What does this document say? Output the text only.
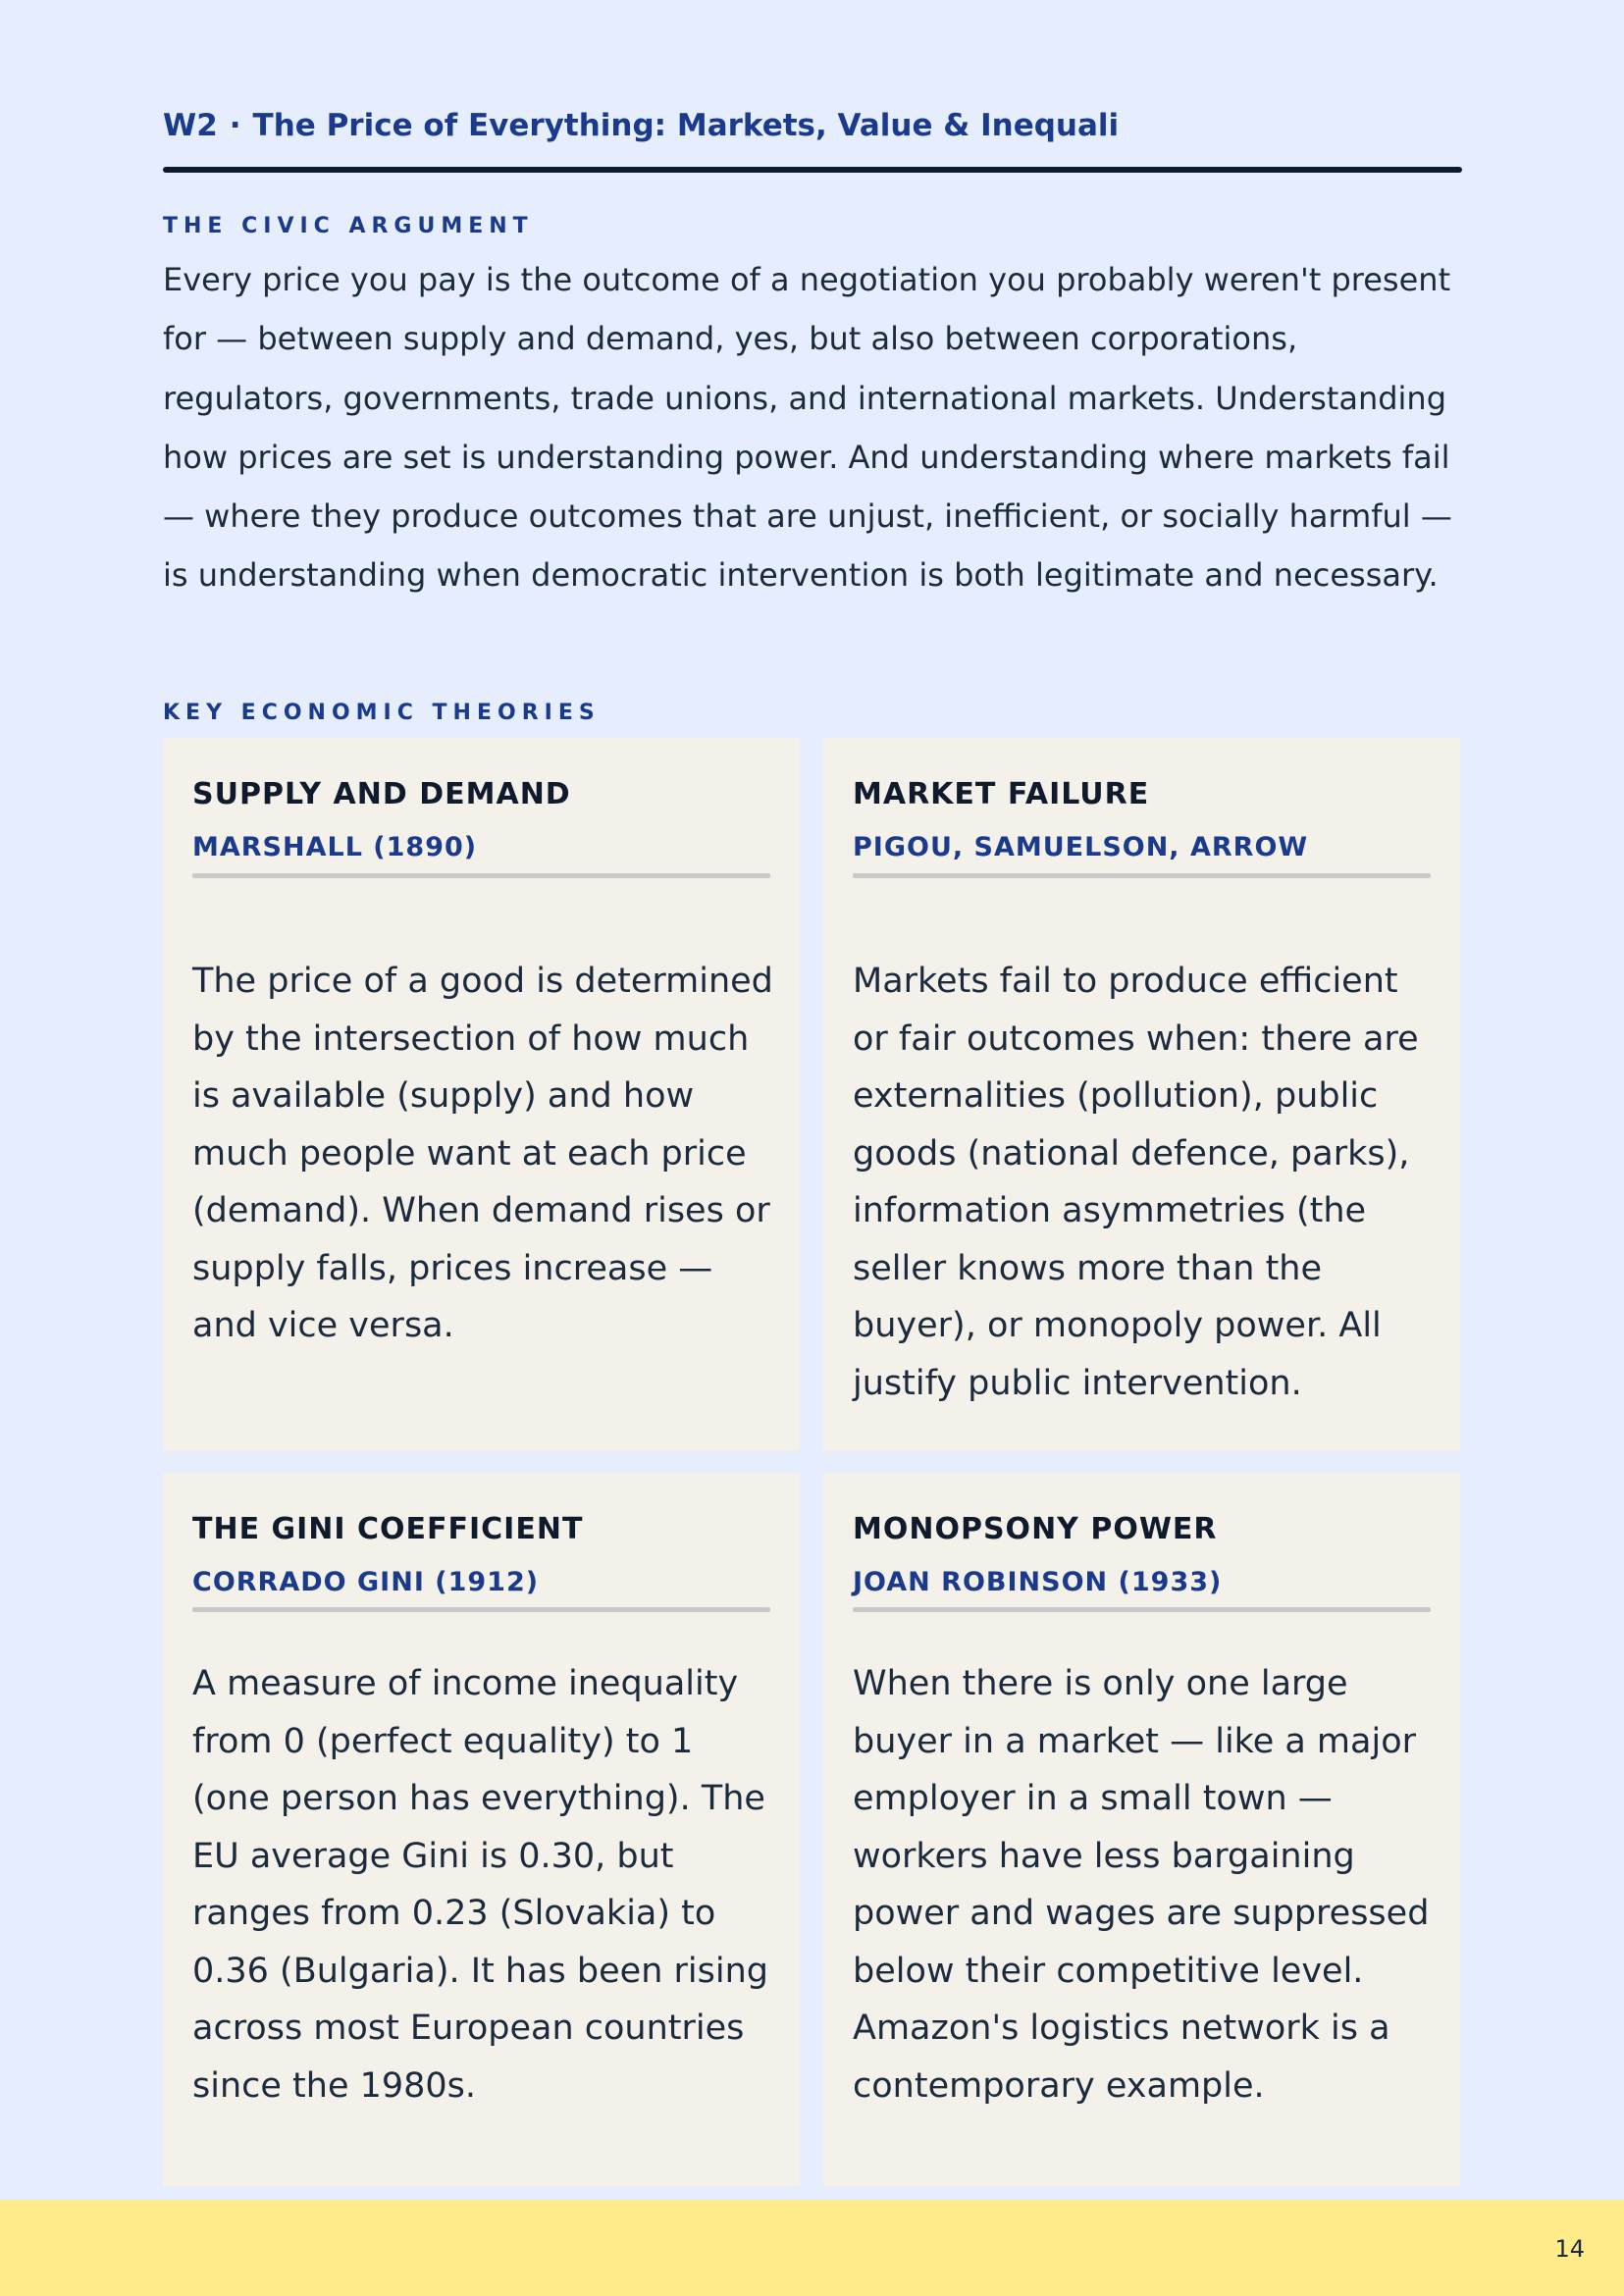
W2 · The Price of Everything: Markets, Value & Inequali
THE CIVIC ARGUMENT
Every price you pay is the outcome of a negotiation you probably weren't present for — between supply and demand, yes, but also between corporations, regulators, governments, trade unions, and international markets. Understanding how prices are set is understanding power. And understanding where markets fail — where they produce outcomes that are unjust, inefficient, or socially harmful — is understanding when democratic intervention is both legitimate and necessary.
KEY ECONOMIC THEORIES
SUPPLY AND DEMAND
MARSHALL (1890)
The price of a good is determined by the intersection of how much is available (supply) and how much people want at each price (demand). When demand rises or supply falls, prices increase — and vice versa.
MARKET FAILURE
PIGOU, SAMUELSON, ARROW
Markets fail to produce efficient or fair outcomes when: there are externalities (pollution), public goods (national defence, parks), information asymmetries (the seller knows more than the buyer), or monopoly power. All justify public intervention.
THE GINI COEFFICIENT
CORRADO GINI (1912)
A measure of income inequality from 0 (perfect equality) to 1 (one person has everything). The EU average Gini is 0.30, but ranges from 0.23 (Slovakia) to 0.36 (Bulgaria). It has been rising across most European countries since the 1980s.
MONOPSONY POWER
JOAN ROBINSON (1933)
When there is only one large buyer in a market — like a major employer in a small town — workers have less bargaining power and wages are suppressed below their competitive level. Amazon's logistics network is a contemporary example.
14
